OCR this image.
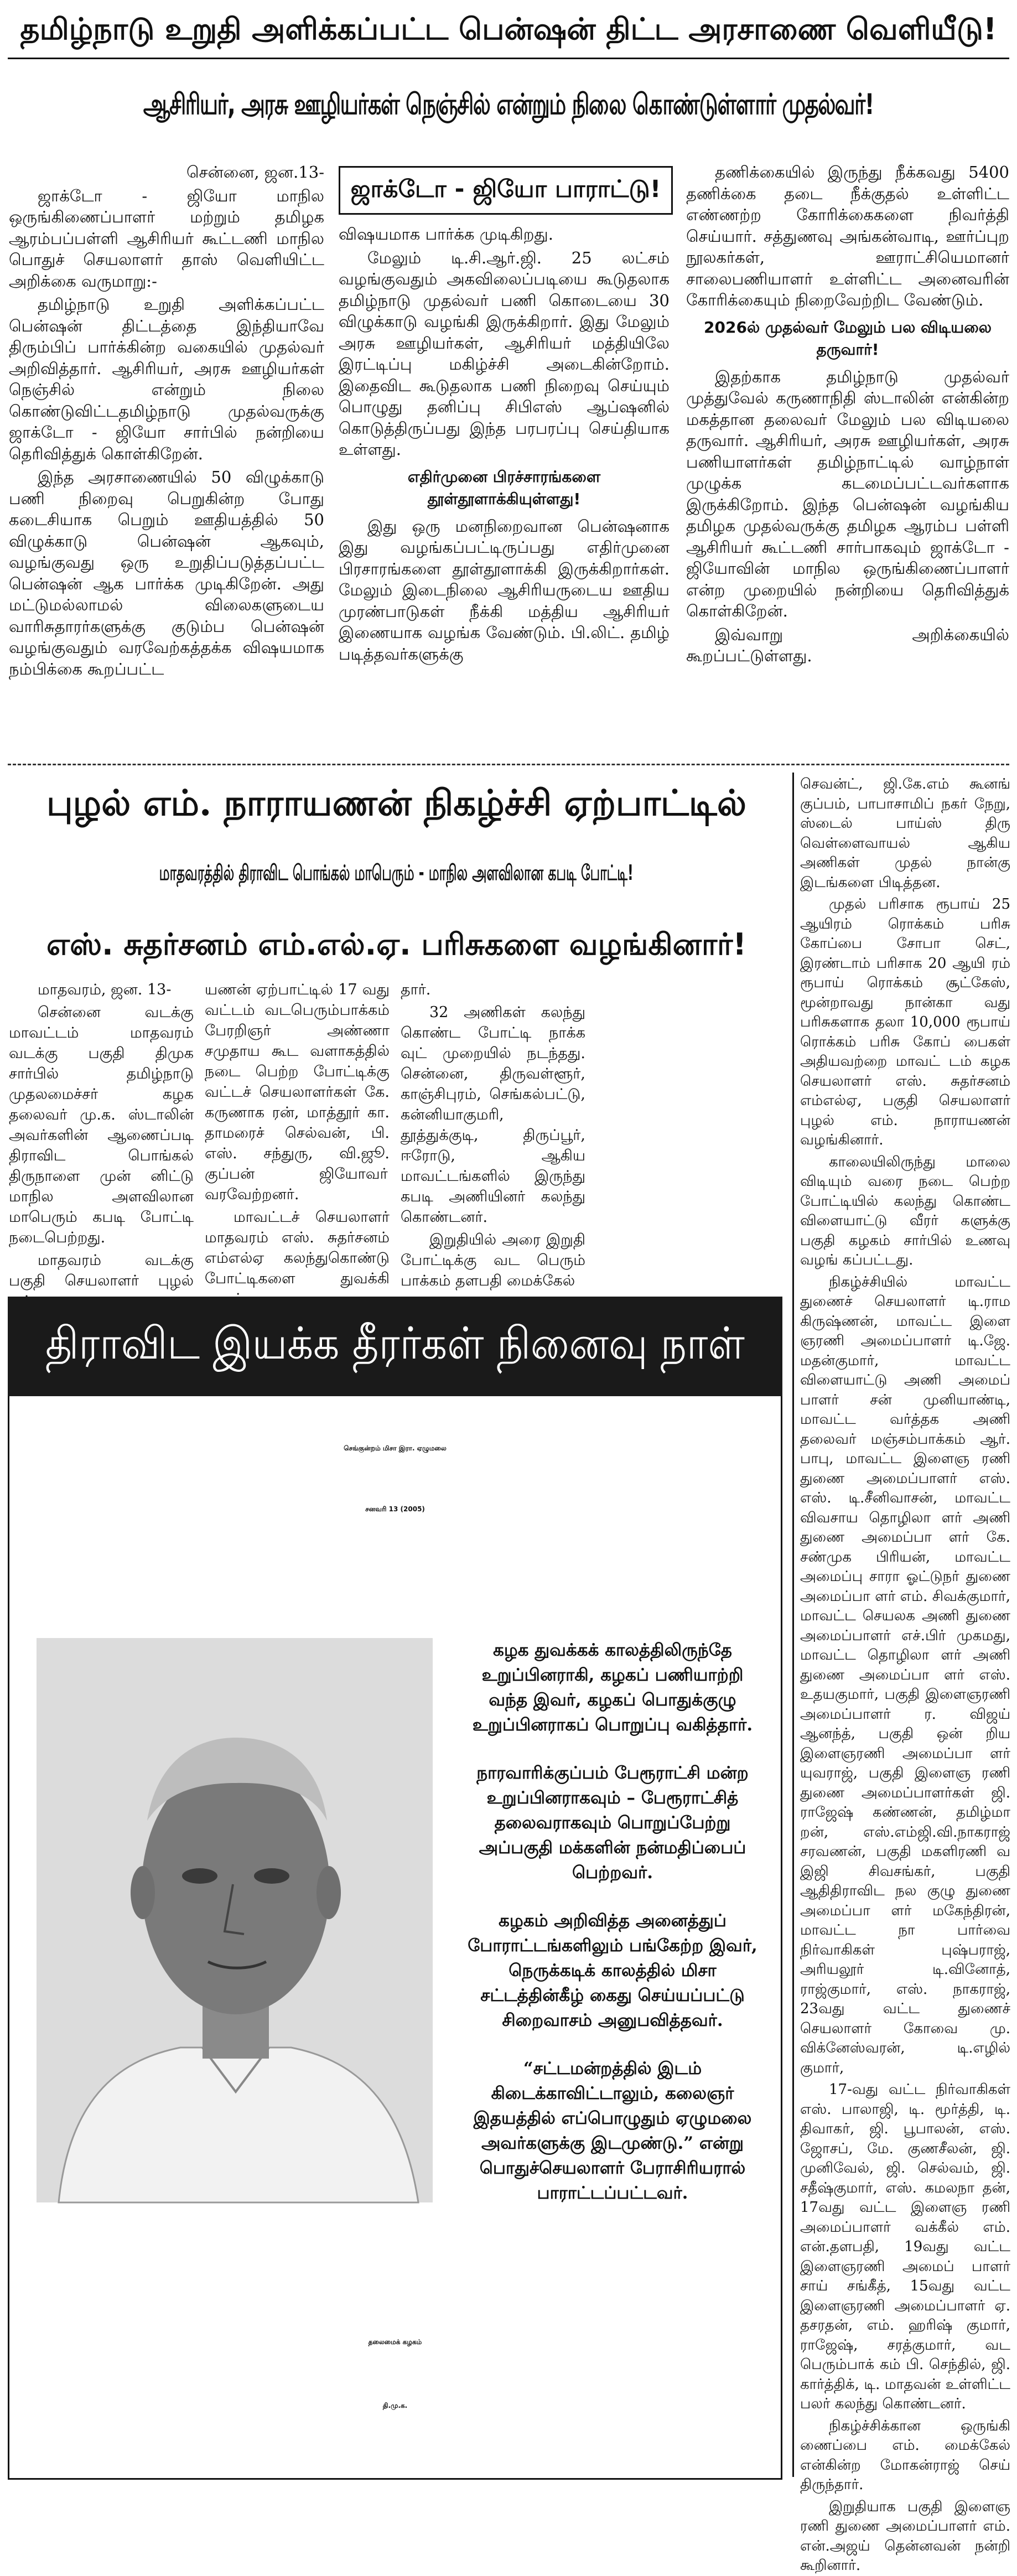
தமிழ்நாடு உறுதி அளிக்கப்பட்ட பென்ஷன் திட்ட அரசாணை வெளியீடு!
ஆசிரியர், அரசு ஊழியர்கள் நெஞ்சில் என்றும் நிலை கொண்டுள்ளார் முதல்வர்!
ஜாக்டோ - ஜியோ பாராட்டு!

சென்னை, ஜன.13-

ஜாக்டோ - ஜியோ மாநில ஒருங்கிணைப்பாளர் மற்றும் தமிழக ஆரம்பப்பள்ளி ஆசிரியர் கூட்டணி மாநில பொதுச் செயலாளர் தாஸ் வெளியிட்ட அறிக்கை வருமாறு:-

தமிழ்நாடு உறுதி அளிக்கப்பட்ட பென்ஷன் திட்டத்தை இந்தியாவே திரும்பிப் பார்க்கின்ற வகையில் முதல்வர் அறிவித்தார். ஆசிரியர், அரசு ஊழியர்கள் நெஞ்சில் என்றும் நிலை கொண்டுவிட்டதமிழ்நாடு முதல்வருக்கு ஜாக்டோ - ஜியோ சார்பில் நன்றியை தெரிவித்துக் கொள்கிறேன்.

இந்த அரசாணையில் 50 விழுக்காடு பணி நிறைவு பெறுகின்ற போது கடைசியாக பெறும் ஊதியத்தில் 50 விழுக்காடு பென்ஷன் ஆகவும், வழங்குவது ஒரு உறுதிப்படுத்தப்பட்ட பென்ஷன் ஆக பார்க்க முடிகிறேன். அது மட்டுமல்லாமல் விலைகளுடைய வாரிசுதாரர்களுக்கு குடும்ப பென்ஷன் வழங்குவதும் வரவேற்கத்தக்க விஷயமாக நம்பிக்கை கூறப்பட்ட

விஷயமாக பார்க்க முடிகிறது.

மேலும் டி.சி.ஆர்.ஜி. 25 லட்சம் வழங்குவதும் அகவிலைப்படியை கூடுதலாக தமிழ்நாடு முதல்வர் பணி கொடையை 30 விழுக்காடு வழங்கி இருக்கிறார். இது மேலும் அரசு ஊழியர்கள், ஆசிரியர் மத்தியிலே இரட்டிப்பு மகிழ்ச்சி அடைகின்றோம். இதைவிட கூடுதலாக பணி நிறைவு செய்யும் பொழுது தனிப்பு சிபிஎஸ் ஆப்ஷனில் கொடுத்திருப்பது இந்த பரபரப்பு செய்தியாக உள்ளது.

எதிர்முனை பிரச்சாரங்களை தூள்தூளாக்கியுள்ளது!

இது ஒரு மனநிறைவான பென்ஷனாக இது வழங்கப்பட்டிருப்பது எதிர்முனை பிரசாரங்களை தூள்தூளாக்கி இருக்கிறார்கள். மேலும் இடைநிலை ஆசிரியருடைய ஊதிய முரண்பாடுகள் நீக்கி மத்திய ஆசிரியர் இணையாக வழங்க வேண்டும். பி.லிட். தமிழ் படித்தவர்களுக்கு

தணிக்கையில் இருந்து நீக்கவது 5400 தணிக்கை தடை நீக்குதல் உள்ளிட்ட எண்ணற்ற கோரிக்கைகளை நிவர்த்தி செய்யார். சத்துணவு அங்கன்வாடி, ஊர்ப்புற நூலகர்கள், ஊராட்சியெமானர் சாலைபணியாளர் உள்ளிட்ட அனைவரின் கோரிக்கையும் நிறைவேற்றிட வேண்டும்.

2026ல் முதல்வர் மேலும் பல விடியலை தருவார்!

இதற்காக தமிழ்நாடு முதல்வர் முத்துவேல் கருணாநிதி ஸ்டாலின் என்கின்ற மகத்தான தலைவர் மேலும் பல விடியலை தருவார். ஆசிரியர், அரசு ஊழியர்கள், அரசு பணியாளர்கள் தமிழ்நாட்டில் வாழ்நாள் முழுக்க கடமைப்பட்டவர்களாக இருக்கிறோம். இந்த பென்ஷன் வழங்கிய தமிழக முதல்வருக்கு தமிழக ஆரம்ப பள்ளி ஆசிரியர் கூட்டணி சார்பாகவும் ஜாக்டோ - ஜியோவின் மாநில ஒருங்கிணைப்பாளர் என்ற முறையில் நன்றியை தெரிவித்துக் கொள்கிறேன்.

இவ்வாறு அறிக்கையில் கூறப்பட்டுள்ளது.

புழல் எம். நாராயணன் நிகழ்ச்சி ஏற்பாட்டில்
மாதவரத்தில் திராவிட பொங்கல் மாபெரும் - மாநில அளவிலான கபடி போட்டி!
எஸ். சுதர்சனம் எம்.எல்.ஏ. பரிசுகளை வழங்கினார்!

மாதவரம், ஜன. 13-

சென்னை வடக்கு மாவட்டம் மாதவரம் வடக்கு பகுதி திமுக சார்பில் தமிழ்நாடு முதலமைச்சர் கழக தலைவர் மு.க. ஸ்டாலின் அவர்களின் ஆணைப்படி திராவிட பொங்கல் திருநாளை முன் னிட்டு மாநில அளவிலான மாபெரும் கபடி போட்டி நடைபெற்றது.

மாதவரம் வடக்கு பகுதி செயலாளர் புழல்

யணன் ஏற்பாட்டில் 17 வது வட்டம் வடபெரும்பாக்கம் பேரறிஞர் அண்ணா சமுதாய கூட வளாகத்தில் நடை பெற்ற போட்டிக்கு வட்டச் செயலாளர்கள் கே. கருணாக ரன், மாத்தூர் கா. தாமரைச் செல்வன், பி. எஸ். சந்துரு, வி.ஜூ. குப்பன் ஜியோவா் வரவேற்றனர்.

மாவட்டச் செயலாளர் மாதவரம் எஸ். சுதர்சனம் எம்எல்ஏ கலந்துகொண்டு போட்டிகளை துவக்கி

தார்.

32 அணிகள் கலந்து கொண்ட போட்டி நாக்க வுட் முறையில் நடந்தது. சென்னை, திருவள்ளூர், காஞ்சிபுரம், செங்கல்பட்டு, கன்னியாகுமரி, தூத்துக்குடி, திருப்பூர், ஈரோடு, ஆகிய மாவட்டங்களில் இருந்து கபடி அணியினர் கலந்து கொண்டனர்.

இறுதியில் அரை இறுதி போட்டிக்கு வட பெரும் பாக்கம் தளபதி மைக்கேல்

செவன்ட், ஜி.கே.எம் கூனங் குப்பம், பாபாசாமிப் நகர் நேறு, ஸ்டைல் பாய்ஸ் திரு வெள்ளைவாயல் ஆகிய அணிகள் முதல் நான்கு இடங்களை பிடித்தன.

முதல் பரிசாக ரூபாய் 25 ஆயிரம் ரொக்கம் பரிசு கோப்பை சோபா செட், இரண்டாம் பரிசாக 20 ஆயி ரம் ரூபாய் ரொக்கம் சூட்கேஸ், மூன்றாவது நான்கா வது பரிசுகளாக தலா 10,000 ரூபாய் ரொக்கம் பரிசு கோப் பைகள் அதியவற்றை மாவட் டம் கழக செயலாளர் எஸ். சுதர்சனம் எம்எல்ஏ, பகுதி செயலாளர் புழல் எம். நாராயணன் வழங்கினார்.

காலையிலிருந்து மாலை விடியும் வரை நடை பெற்ற போட்டியில் கலந்து கொண்ட விளையாட்டு வீரர் களுக்கு பகுதி கழகம் சார்பில் உணவு வழங் கப்பட்டது.

நிகழ்ச்சியில் மாவட்ட துணைச் செயலாளர் டி.ராம கிருஷ்ணன், மாவட்ட இளை ஞரணி அமைப்பாளர் டி.ஜே. மதன்குமார், மாவட்ட விளையாட்டு அணி அமைப் பாளர் சன் முனியாண்டி, மாவட்ட வர்த்தக அணி தலைவர் மஞ்சம்பாக்கம் ஆர். பாபு, மாவட்ட இளைஞ ரணி துணை அமைப்பாளர் எஸ். எஸ். டி.சீனிவாசன், மாவட்ட விவசாய தொழிலா ளர் அணி துணை அமைப்பா ளர் கே. சண்முக பிரியன், மாவட்ட அமைப்பு சாரா ஓட்டுநர் துணை அமைப்பா ளர் எம். சிவக்குமார், மாவட்ட செயலக அணி துணை அமைப்பாளர் எச்.பிர் முகமது, மாவட்ட தொழிலா ளர் அணி துணை அமைப்பா ளர் எஸ். உதயகுமார், பகுதி இளைஞரணி அமைப்பாளர் ர. விஜய் ஆனந்த், பகுதி ஒன் றிய இளைஞரணி அமைப்பா ளர் யுவராஜ், பகுதி இளைஞ ரணி துணை அமைப்பாளர்கள் ஜி. ராஜேஷ் கண்ணன், தமிழ்மா றன், எஸ்.எம்ஜி.வி.நாகராஜ் சரவணன், பகுதி மகளிரணி வ இஜி சிவசங்கர், பகுதி ஆதிதிராவிட நல குழு துணை அமைப்பா ளர் மகேந்திரன், மாவட்ட நா பார்வை நிர்வாகிகள் புஷ்பராஜ், அரியலூர் டி.வினோத், ராஜ்குமார், எஸ். நாகராஜ், 23வது வட்ட துணைச் செயலாளர் கோவை மு. விக்னேஸ்வரன், டி.எழில் குமார்,

17-வது வட்ட நிர்வாகிகள் எஸ். பாலாஜி, டி. மூர்த்தி, டி. திவாகர், ஜி. பூபாலன், எஸ். ஜோசப், மே. குணசீலன், ஜி. முனிவேல், ஜி. செல்வம், ஜி. சதீஷ்குமார், எஸ். கமலநா தன், 17வது வட்ட இளைஞ ரணி அமைப்பாளர் வக்கீல் எம். என்.தளபதி, 19வது வட்ட இளைஞரணி அமைப் பாளர் சாய் சங்கீத், 15வது வட்ட இளைஞரணி அமைப்பாளர் ஏ. தசரதன், எம். ஹரிஷ் குமார், ராஜேஷ், சரத்குமார், வட பெரும்பாக் கம் பி. செந்தில், ஜி. கார்த்திக், டி. மாதவன் உள்ளிட்ட பலர் கலந்து கொண்டனர்.

நிகழ்ச்சிக்கான ஒருங்கி ணைப்பை எம். மைக்கேல் என்கின்ற மோகன்ராஜ் செய் திருந்தார்.

இறுதியாக பகுதி இளைஞ ரணி துணை அமைப்பாளர் எம். என்.அஜய் தென்னவன் நன்றி கூறினார்.

திராவிட இயக்க தீரர்கள் நினைவு நாள்
செங்குன்றம் மிசா இரா. ஏழுமலை
சனவரி 13 (2005)

கழக துவக்கக் காலத்திலிருந்தே உறுப்பினராகி, கழகப் பணியாற்றி வந்த இவர், கழகப் பொதுக்குழு உறுப்பினராகப் பொறுப்பு வகித்தார்.

நாரவாரிக்குப்பம் பேரூராட்சி மன்ற உறுப்பினராகவும் – பேரூராட்சித் தலைவராகவும் பொறுப்பேற்று அப்பகுதி மக்களின் நன்மதிப்பைப் பெற்றவர்.

கழகம் அறிவித்த அனைத்துப் போராட்டங்களிலும் பங்கேற்ற இவர், நெருக்கடிக் காலத்தில் மிசா சட்டத்தின்கீழ் கைது செய்யப்பட்டு சிறைவாசம் அனுபவித்தவர்.

“சட்டமன்றத்தில் இடம் கிடைக்காவிட்டாலும், கலைஞர் இதயத்தில் எப்பொழுதும் ஏழுமலை அவர்களுக்கு இடமுண்டு.” என்று பொதுச்செயலாளர் பேராசிரியரால் பாராட்டப்பட்டவர்.

தலைமைக் கழகம்
தி.மு.க.
